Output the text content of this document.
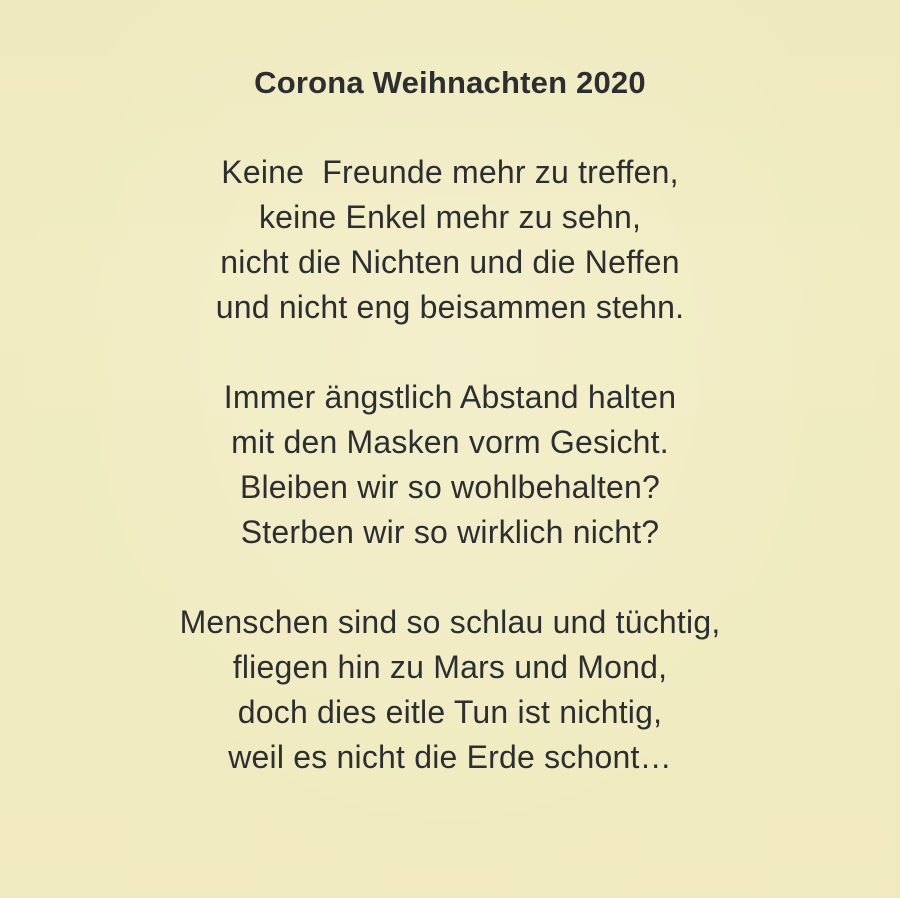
Corona Weihnachten 2020
Keine  Freunde mehr zu treffen,
keine Enkel mehr zu sehn,
nicht die Nichten und die Neffen
und nicht eng beisammen stehn.
Immer ängstlich Abstand halten
mit den Masken vorm Gesicht.
Bleiben wir so wohlbehalten?
Sterben wir so wirklich nicht?
Menschen sind so schlau und tüchtig,
fliegen hin zu Mars und Mond,
doch dies eitle Tun ist nichtig,
weil es nicht die Erde schont…
